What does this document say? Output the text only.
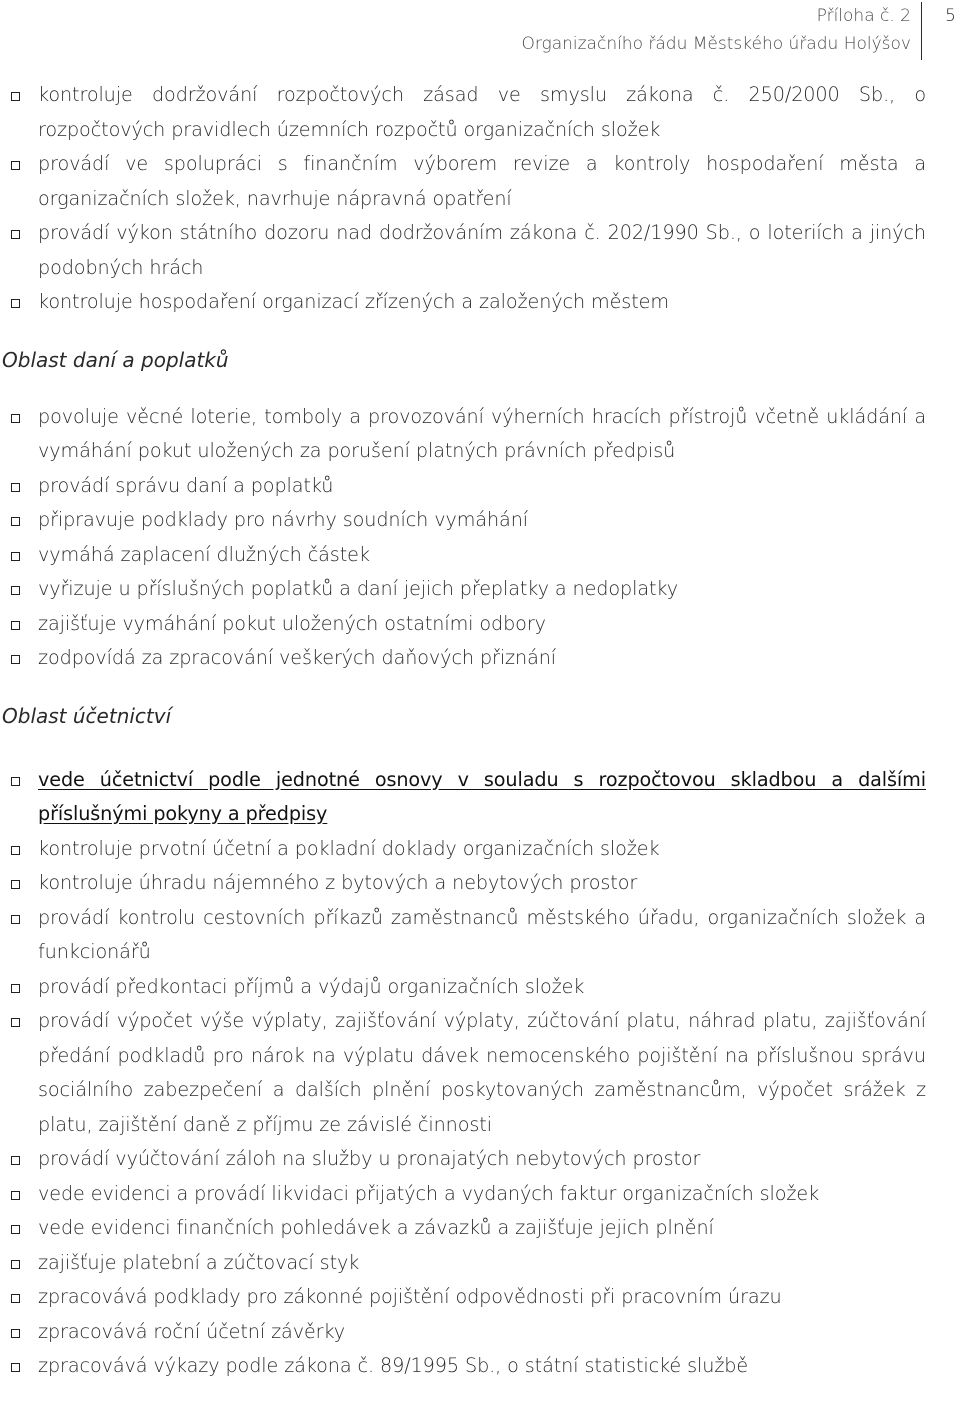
Příloha č. 2
Organizačního řádu Městského úřadu Holýšov
5
kontroluje dodržování rozpočtových zásad ve smyslu zákona č. 250/2000 Sb., o rozpočtových pravidlech územních rozpočtů organizačních složek
provádí ve spolupráci s finančním výborem revize a kontroly hospodaření města a organizačních složek, navrhuje nápravná opatření
provádí výkon státního dozoru nad dodržováním zákona č. 202/1990 Sb., o loteriích a jiných podobných hrách
kontroluje hospodaření organizací zřízených a založených městem
Oblast daní a poplatků
povoluje věcné loterie, tomboly a provozování výherních hracích přístrojů včetně ukládání a vymáhání pokut uložených za porušení platných právních předpisů
provádí správu daní a poplatků
připravuje podklady pro návrhy soudních vymáhání
vymáhá zaplacení dlužných částek
vyřizuje u příslušných poplatků a daní jejich přeplatky a nedoplatky
zajišťuje vymáhání pokut uložených ostatními odbory
zodpovídá za zpracování veškerých daňových přiznání
Oblast účetnictví
vede účetnictví podle jednotné osnovy v souladu s rozpočtovou skladbou a dalšími příslušnými pokyny a předpisy
kontroluje prvotní účetní a pokladní doklady organizačních složek
kontroluje úhradu nájemného z bytových a nebytových prostor
provádí kontrolu cestovních příkazů zaměstnanců městského úřadu, organizačních složek a funkcionářů
provádí předkontaci příjmů a výdajů organizačních složek
provádí výpočet výše výplaty, zajišťování výplaty, zúčtování platu, náhrad platu, zajišťování předání podkladů pro nárok na výplatu dávek nemocenského pojištění na příslušnou správu sociálního zabezpečení a dalších plnění poskytovaných zaměstnancům, výpočet srážek z platu, zajištění daně z příjmu ze závislé činnosti
provádí vyúčtování záloh na služby u pronajatých nebytových prostor
vede evidenci a provádí likvidaci přijatých a vydaných faktur organizačních složek
vede evidenci finančních pohledávek a závazků a zajišťuje jejich plnění
zajišťuje platební a zúčtovací styk
zpracovává podklady pro zákonné pojištění odpovědnosti při pracovním úrazu
zpracovává roční účetní závěrky
zpracovává výkazy podle zákona č. 89/1995 Sb., o státní statistické službě
